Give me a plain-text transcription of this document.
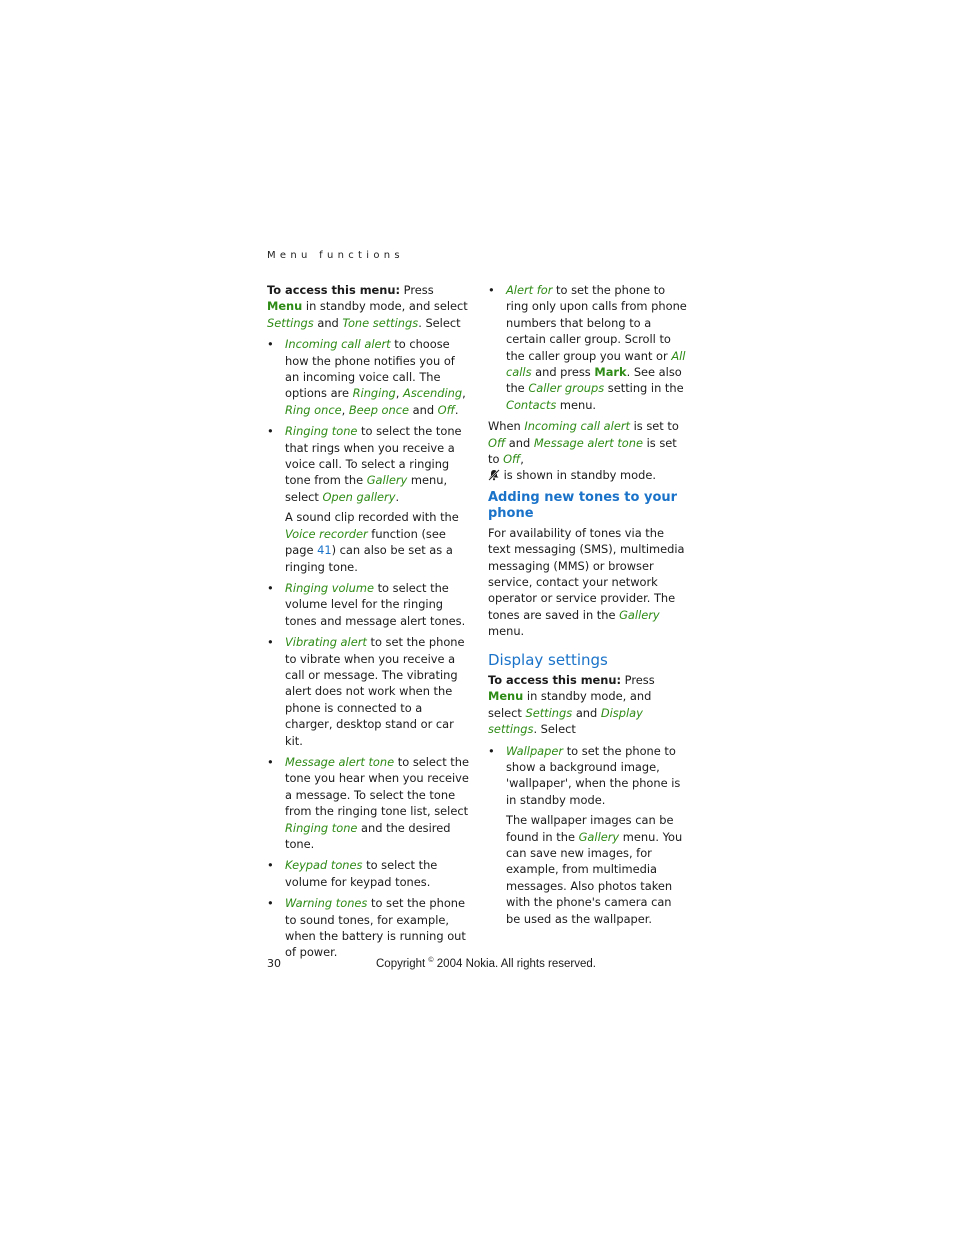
Menu functions

To access this menu: Press Menu in standby mode, and select Settings and Tone settings. Select

• Incoming call alert to choose how the phone notifies you of an incoming voice call. The options are Ringing, Ascending, Ring once, Beep once and Off.
• Ringing tone to select the tone that rings when you receive a voice call. To select a ringing tone from the Gallery menu, select Open gallery.

A sound clip recorded with the Voice recorder function (see page 41) can also be set as a ringing tone.

• Ringing volume to select the volume level for the ringing tones and message alert tones.
• Vibrating alert to set the phone to vibrate when you receive a call or message. The vibrating alert does not work when the phone is connected to a charger, desktop stand or car kit.
• Message alert tone to select the tone you hear when you receive a message. To select the tone from the ringing tone list, select Ringing tone and the desired tone.
• Keypad tones to select the volume for keypad tones.
• Warning tones to set the phone to sound tones, for example, when the battery is running out of power.
• Alert for to set the phone to ring only upon calls from phone numbers that belong to a certain caller group. Scroll to the caller group you want or All calls and press Mark. See also the Caller groups setting in the Contacts menu.

When Incoming call alert is set to Off and Message alert tone is set to Off,
is shown in standby mode.

Adding new tones to your phone

For availability of tones via the text messaging (SMS), multimedia messaging (MMS) or browser service, contact your network operator or service provider. The tones are saved in the Gallery menu.

Display settings

To access this menu: Press Menu in standby mode, and select Settings and Display settings. Select

• Wallpaper to set the phone to show a background image, 'wallpaper', when the phone is in standby mode.

The wallpaper images can be found in the Gallery menu. You can save new images, for example, from multimedia messages. Also photos taken with the phone's camera can be used as the wallpaper.

30	Copyright © 2004 Nokia. All rights reserved.
